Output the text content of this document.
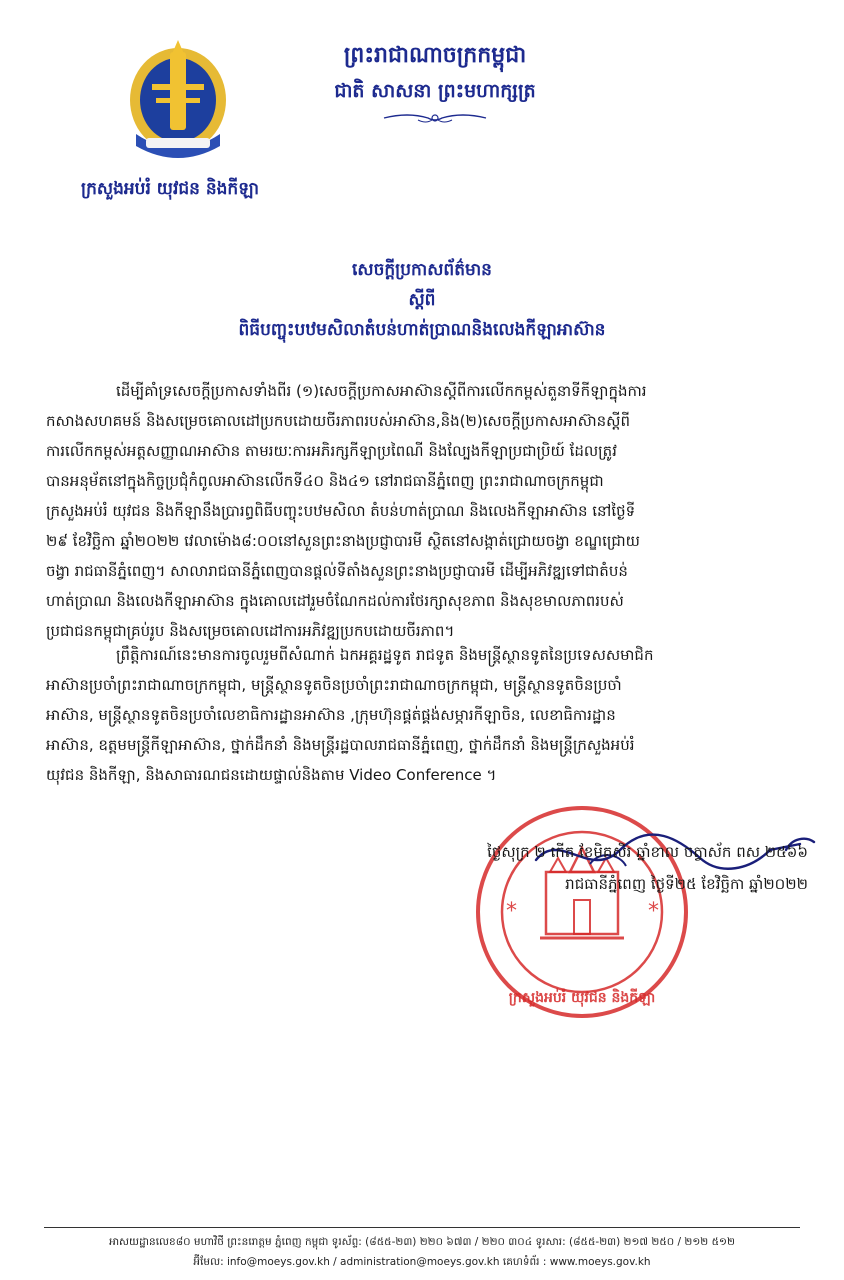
ក្រសួងអប់រំ យុវជន និងកីឡា
ព្រះរាជាណាចក្រកម្ពុជា
ជាតិ សាសនា ព្រះមហាក្សត្រ
សេចក្ដីប្រកាសព័ត៌មាន
ស្ដីពី
ពិធីបញ្ចុះបឋមសិលាតំបន់ហាត់ប្រាណនិងលេងកីឡាអាស៊ាន
ដើម្បីគាំទ្រសេចក្តីប្រកាសទាំងពីរ (១)សេចក្តីប្រកាសអាស៊ានស្តីពីការលើកកម្ពស់តួនាទីកីឡាក្នុងការ
កសាងសហគមន៍ និងសម្រេចគោលដៅប្រកបដោយចីរភាពរបស់អាស៊ាន,និង(២)សេចក្តីប្រកាសអាស៊ានស្តីពី
ការលើកកម្ពស់អត្តសញ្ញាណអាស៊ាន តាមរយៈការអភិរក្សកីឡាប្រពៃណី និងល្បែងកីឡាប្រជាប្រិយ៍ ដែលត្រូវ
បានអនុម័តនៅក្នុងកិច្ចប្រជុំកំពូលអាស៊ានលើកទី៤០ និង៤១ នៅរាជធានីភ្នំពេញ ព្រះរាជាណាចក្រកម្ពុជា
ក្រសួងអប់រំ យុវជន និងកីឡានឹងប្រារព្ធពិធីបញ្ចុះបឋមសិលា តំបន់ហាត់ប្រាណ និងលេងកីឡាអាស៊ាន នៅថ្ងៃទី
២៩ ខែវិច្ឆិកា ឆ្នាំ២០២២ វេលាម៉ោង៨:០០នៅសួនព្រះនាងប្រជ្ញាបារមី ស្ថិតនៅសង្កាត់ជ្រោយចង្វា ខណ្ឌជ្រោយ
ចង្វា រាជធានីភ្នំពេញ។ សាលារាជធានីភ្នំពេញបានផ្តល់ទីតាំងសួនព្រះនាងប្រជ្ញាបារមី ដើម្បីអភិវឌ្ឍទៅជាតំបន់
ហាត់ប្រាណ និងលេងកីឡាអាស៊ាន ក្នុងគោលដៅរួមចំណែកដល់ការថែរក្សាសុខភាព និងសុខមាលភាពរបស់
ប្រជាជនកម្ពុជាគ្រប់រូប និងសម្រេចគោលដៅការអភិវឌ្ឍប្រកបដោយចីរភាព។
ព្រឹត្តិការណ៍នេះមានការចូលរួមពីសំណាក់ ឯកអគ្គរដ្ឋទូត រាជទូត និងមន្ត្រីស្ថានទូតនៃប្រទេសសមាជិក
អាស៊ានប្រចាំព្រះរាជាណាចក្រកម្ពុជា, មន្ត្រីស្ថានទូតចិនប្រចាំព្រះរាជាណាចក្រកម្ពុជា, មន្ត្រីស្ថានទូតចិនប្រចាំ
អាស៊ាន, មន្ត្រីស្ថានទូតចិនប្រចាំលេខាធិការដ្ឋានអាស៊ាន ,ក្រុមហ៊ុនផ្គត់ផ្គង់សម្ភារកីឡាចិន, លេខាធិការដ្ឋាន
អាស៊ាន, ឧត្តមមន្ត្រីកីឡាអាស៊ាន, ថ្នាក់ដឹកនាំ និងមន្ត្រីរដ្ឋបាលរាជធានីភ្នំពេញ, ថ្នាក់ដឹកនាំ និងមន្ត្រីក្រសួងអប់រំ
យុវជន និងកីឡា, និងសាធារណជនដោយផ្ទាល់និងតាម Video Conference ។
*	*
ក្រសួងអប់រំ យុវជន និងកីឡា
ថ្ងៃសុក្រ ២ កើត ខែមិគសិរ ឆ្នាំខាល ចត្វាស័ក ពស ២៥៦៦
រាជធានីភ្នំពេញ ថ្ងៃទី២៥ ខែវិច្ឆិកា ឆ្នាំ២០២២
អាសយដ្ឋានលេខ៨០ មហាវិថី ព្រះនរោត្តម ភ្នំពេញ កម្ពុជា ទូរស័ព្ទ: (៨៥៥-២៣) ២២០ ៦៧៣ / ២២០ ៣០៤ ទូរសារ: (៨៥៥-២៣) ២១៧ ២៥០ / ២១២ ៥១២
អ៊ីមែល: info@moeys.gov.kh / administration@moeys.gov.kh គេហទំព័រ : www.moeys.gov.kh
